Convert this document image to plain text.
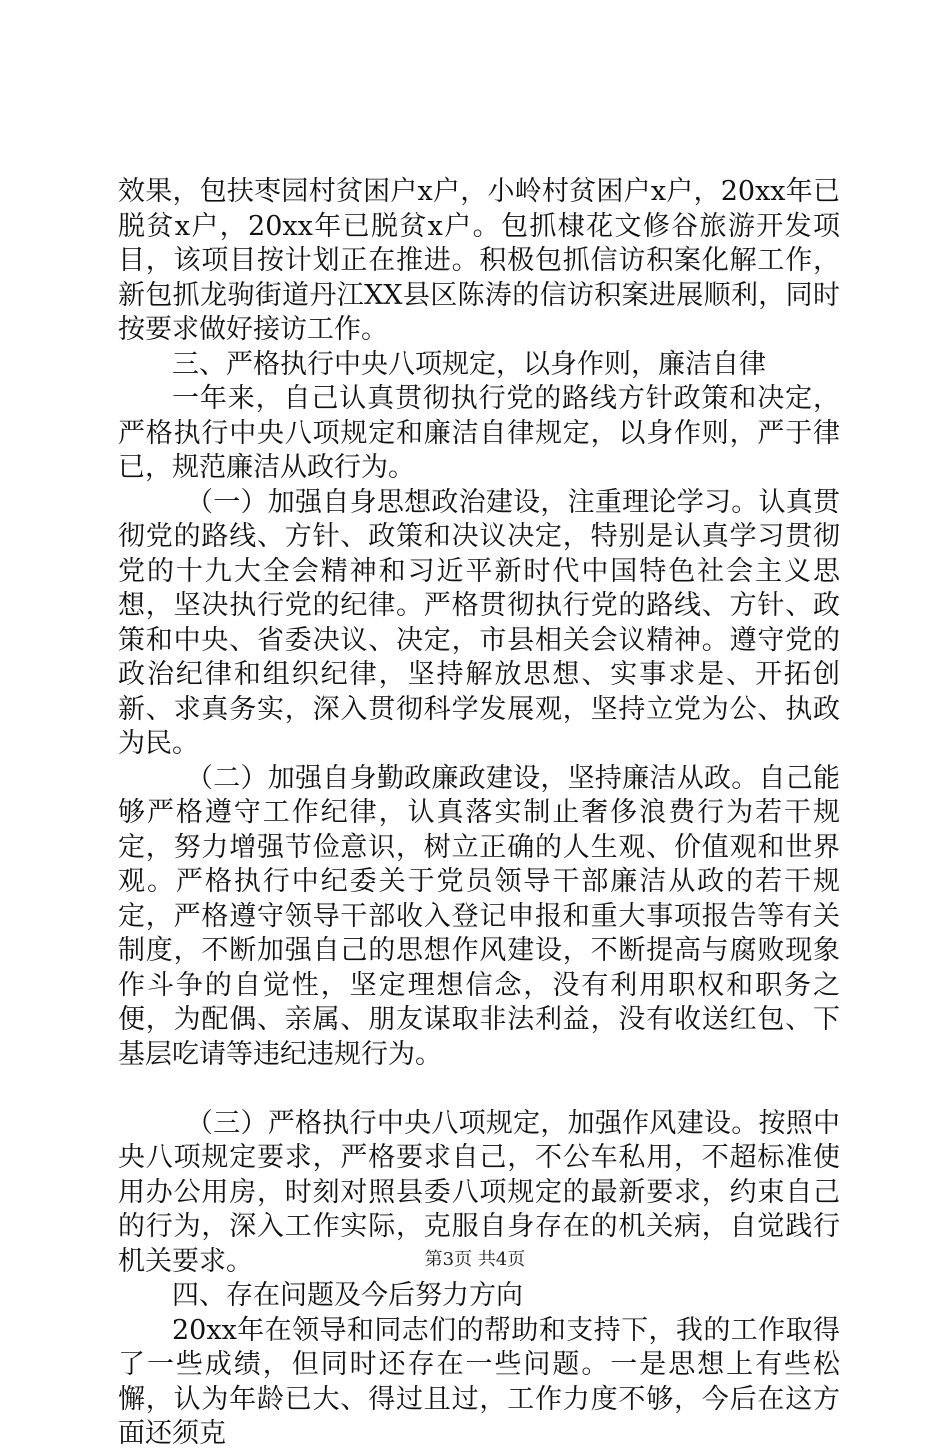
效果，包扶枣园村贫困户x户，小岭村贫困户x户，20xx年已脱贫x户，20xx年已脱贫x户。包抓棣花文修谷旅游开发项目，该项目按计划正在推进。积极包抓信访积案化解工作，新包抓龙驹街道丹江XX县区陈涛的信访积案进展顺利，同时按要求做好接访工作。

三、严格执行中央八项规定，以身作则，廉洁自律

一年来，自己认真贯彻执行党的路线方针政策和决定，严格执行中央八项规定和廉洁自律规定，以身作则，严于律已，规范廉洁从政行为。

（一）加强自身思想政治建设，注重理论学习。认真贯彻党的路线、方针、政策和决议决定，特别是认真学习贯彻党的十九大全会精神和习近平新时代中国特色社会主义思想，坚决执行党的纪律。严格贯彻执行党的路线、方针、政策和中央、省委决议、决定，市县相关会议精神。遵守党的政治纪律和组织纪律，坚持解放思想、实事求是、开拓创新、求真务实，深入贯彻科学发展观，坚持立党为公、执政为民。

（二）加强自身勤政廉政建设，坚持廉洁从政。自己能够严格遵守工作纪律，认真落实制止奢侈浪费行为若干规定，努力增强节俭意识，树立正确的人生观、价值观和世界观。严格执行中纪委关于党员领导干部廉洁从政的若干规定，严格遵守领导干部收入登记申报和重大事项报告等有关制度，不断加强自己的思想作风建设，不断提高与腐败现象作斗争的自觉性，坚定理想信念，没有利用职权和职务之便，为配偶、亲属、朋友谋取非法利益，没有收送红包、下基层吃请等违纪违规行为。

（三）严格执行中央八项规定，加强作风建设。按照中央八项规定要求，严格要求自己，不公车私用，不超标准使用办公用房，时刻对照县委八项规定的最新要求，约束自己的行为，深入工作实际，克服自身存在的机关病，自觉践行机关要求。

四、存在问题及今后努力方向

20xx年在领导和同志们的帮助和支持下，我的工作取得了一些成绩，但同时还存在一些问题。一是思想上有些松懈，认为年龄已大、得过且过，工作力度不够，今后在这方面还须克

第3页 共4页
